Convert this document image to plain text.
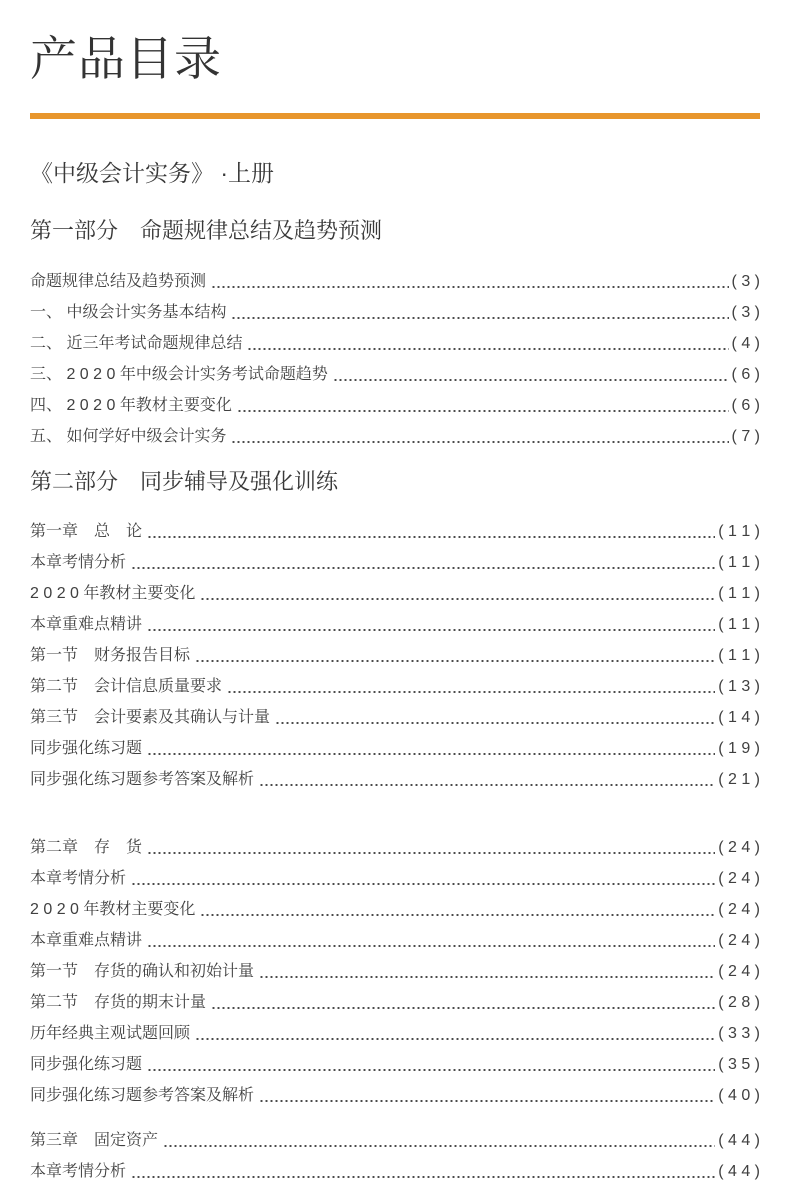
产品目录
《中级会计实务》 ·上册
第一部分　命题规律总结及趋势预测
命题规律总结及趋势预测	( 3 )
一、 中级会计实务基本结构	( 3 )
二、 近三年考试命题规律总结	( 4 )
三、 2 0 2 0 年中级会计实务考试命题趋势	( 6 )
四、 2 0 2 0 年教材主要变化	( 6 )
五、 如何学好中级会计实务	( 7 )
第二部分　同步辅导及强化训练
第一章　总　论	( 1 1 )
本章考情分析	( 1 1 )
2 0 2 0 年教材主要变化	( 1 1 )
本章重难点精讲	( 1 1 )
第一节　财务报告目标	( 1 1 )
第二节　会计信息质量要求	( 1 3 )
第三节　会计要素及其确认与计量	( 1 4 )
同步强化练习题	( 1 9 )
同步强化练习题参考答案及解析	( 2 1 )
第二章　存　货	( 2 4 )
本章考情分析	( 2 4 )
2 0 2 0 年教材主要变化	( 2 4 )
本章重难点精讲	( 2 4 )
第一节　存货的确认和初始计量	( 2 4 )
第二节　存货的期末计量	( 2 8 )
历年经典主观试题回顾	( 3 3 )
同步强化练习题	( 3 5 )
同步强化练习题参考答案及解析	( 4 0 )
第三章　固定资产	( 4 4 )
本章考情分析	( 4 4 )
